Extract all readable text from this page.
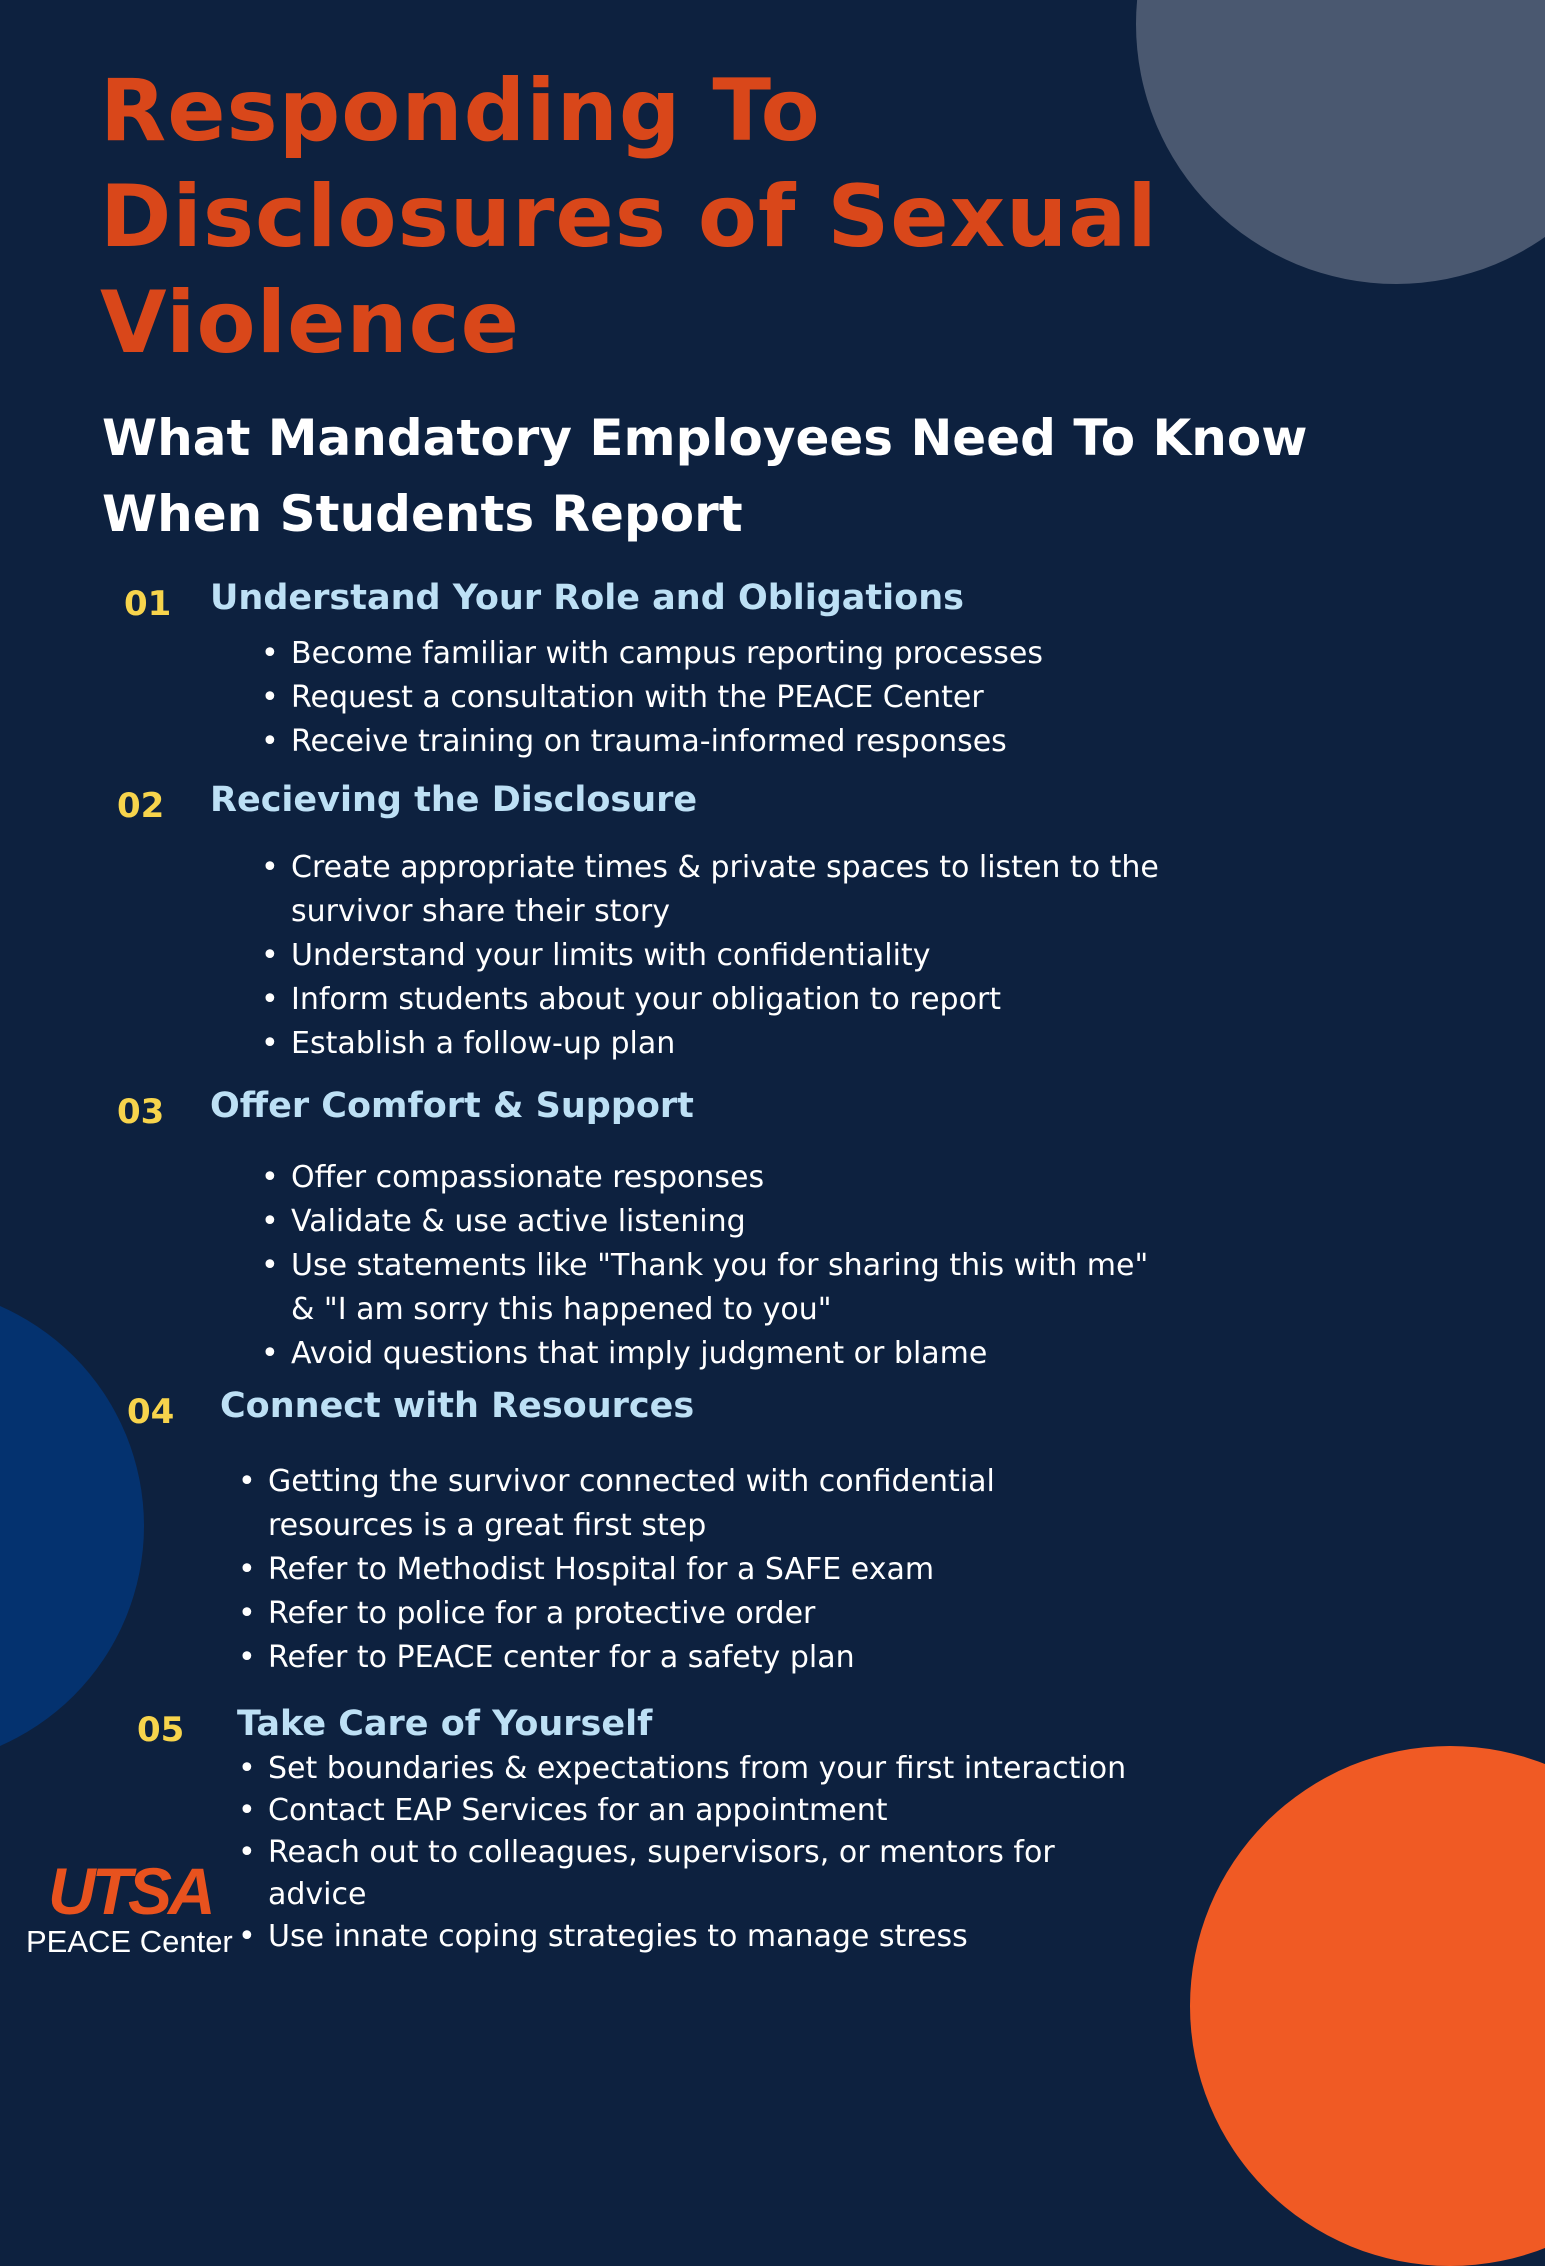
Responding To Disclosures of Sexual Violence
What Mandatory Employees Need To Know When Students Report
01 Understand Your Role and Obligations
• Become familiar with campus reporting processes
• Request a consultation with the PEACE Center
• Receive training on trauma-informed responses
02 Recieving the Disclosure
• Create appropriate times & private spaces to listen to the survivor share their story
• Understand your limits with confidentiality
• Inform students about your obligation to report
• Establish a follow-up plan
03 Offer Comfort & Support
• Offer compassionate responses
• Validate & use active listening
• Use statements like "Thank you for sharing this with me" & "I am sorry this happened to you"
• Avoid questions that imply judgment or blame
04 Connect with Resources
• Getting the survivor connected with confidential resources is a great first step
• Refer to Methodist Hospital for a SAFE exam
• Refer to police for a protective order
• Refer to PEACE center for a safety plan
05 Take Care of Yourself
• Set boundaries & expectations from your first interaction
• Contact EAP Services for an appointment
• Reach out to colleagues, supervisors, or mentors for advice
• Use innate coping strategies to manage stress
UTSA
PEACE Center
